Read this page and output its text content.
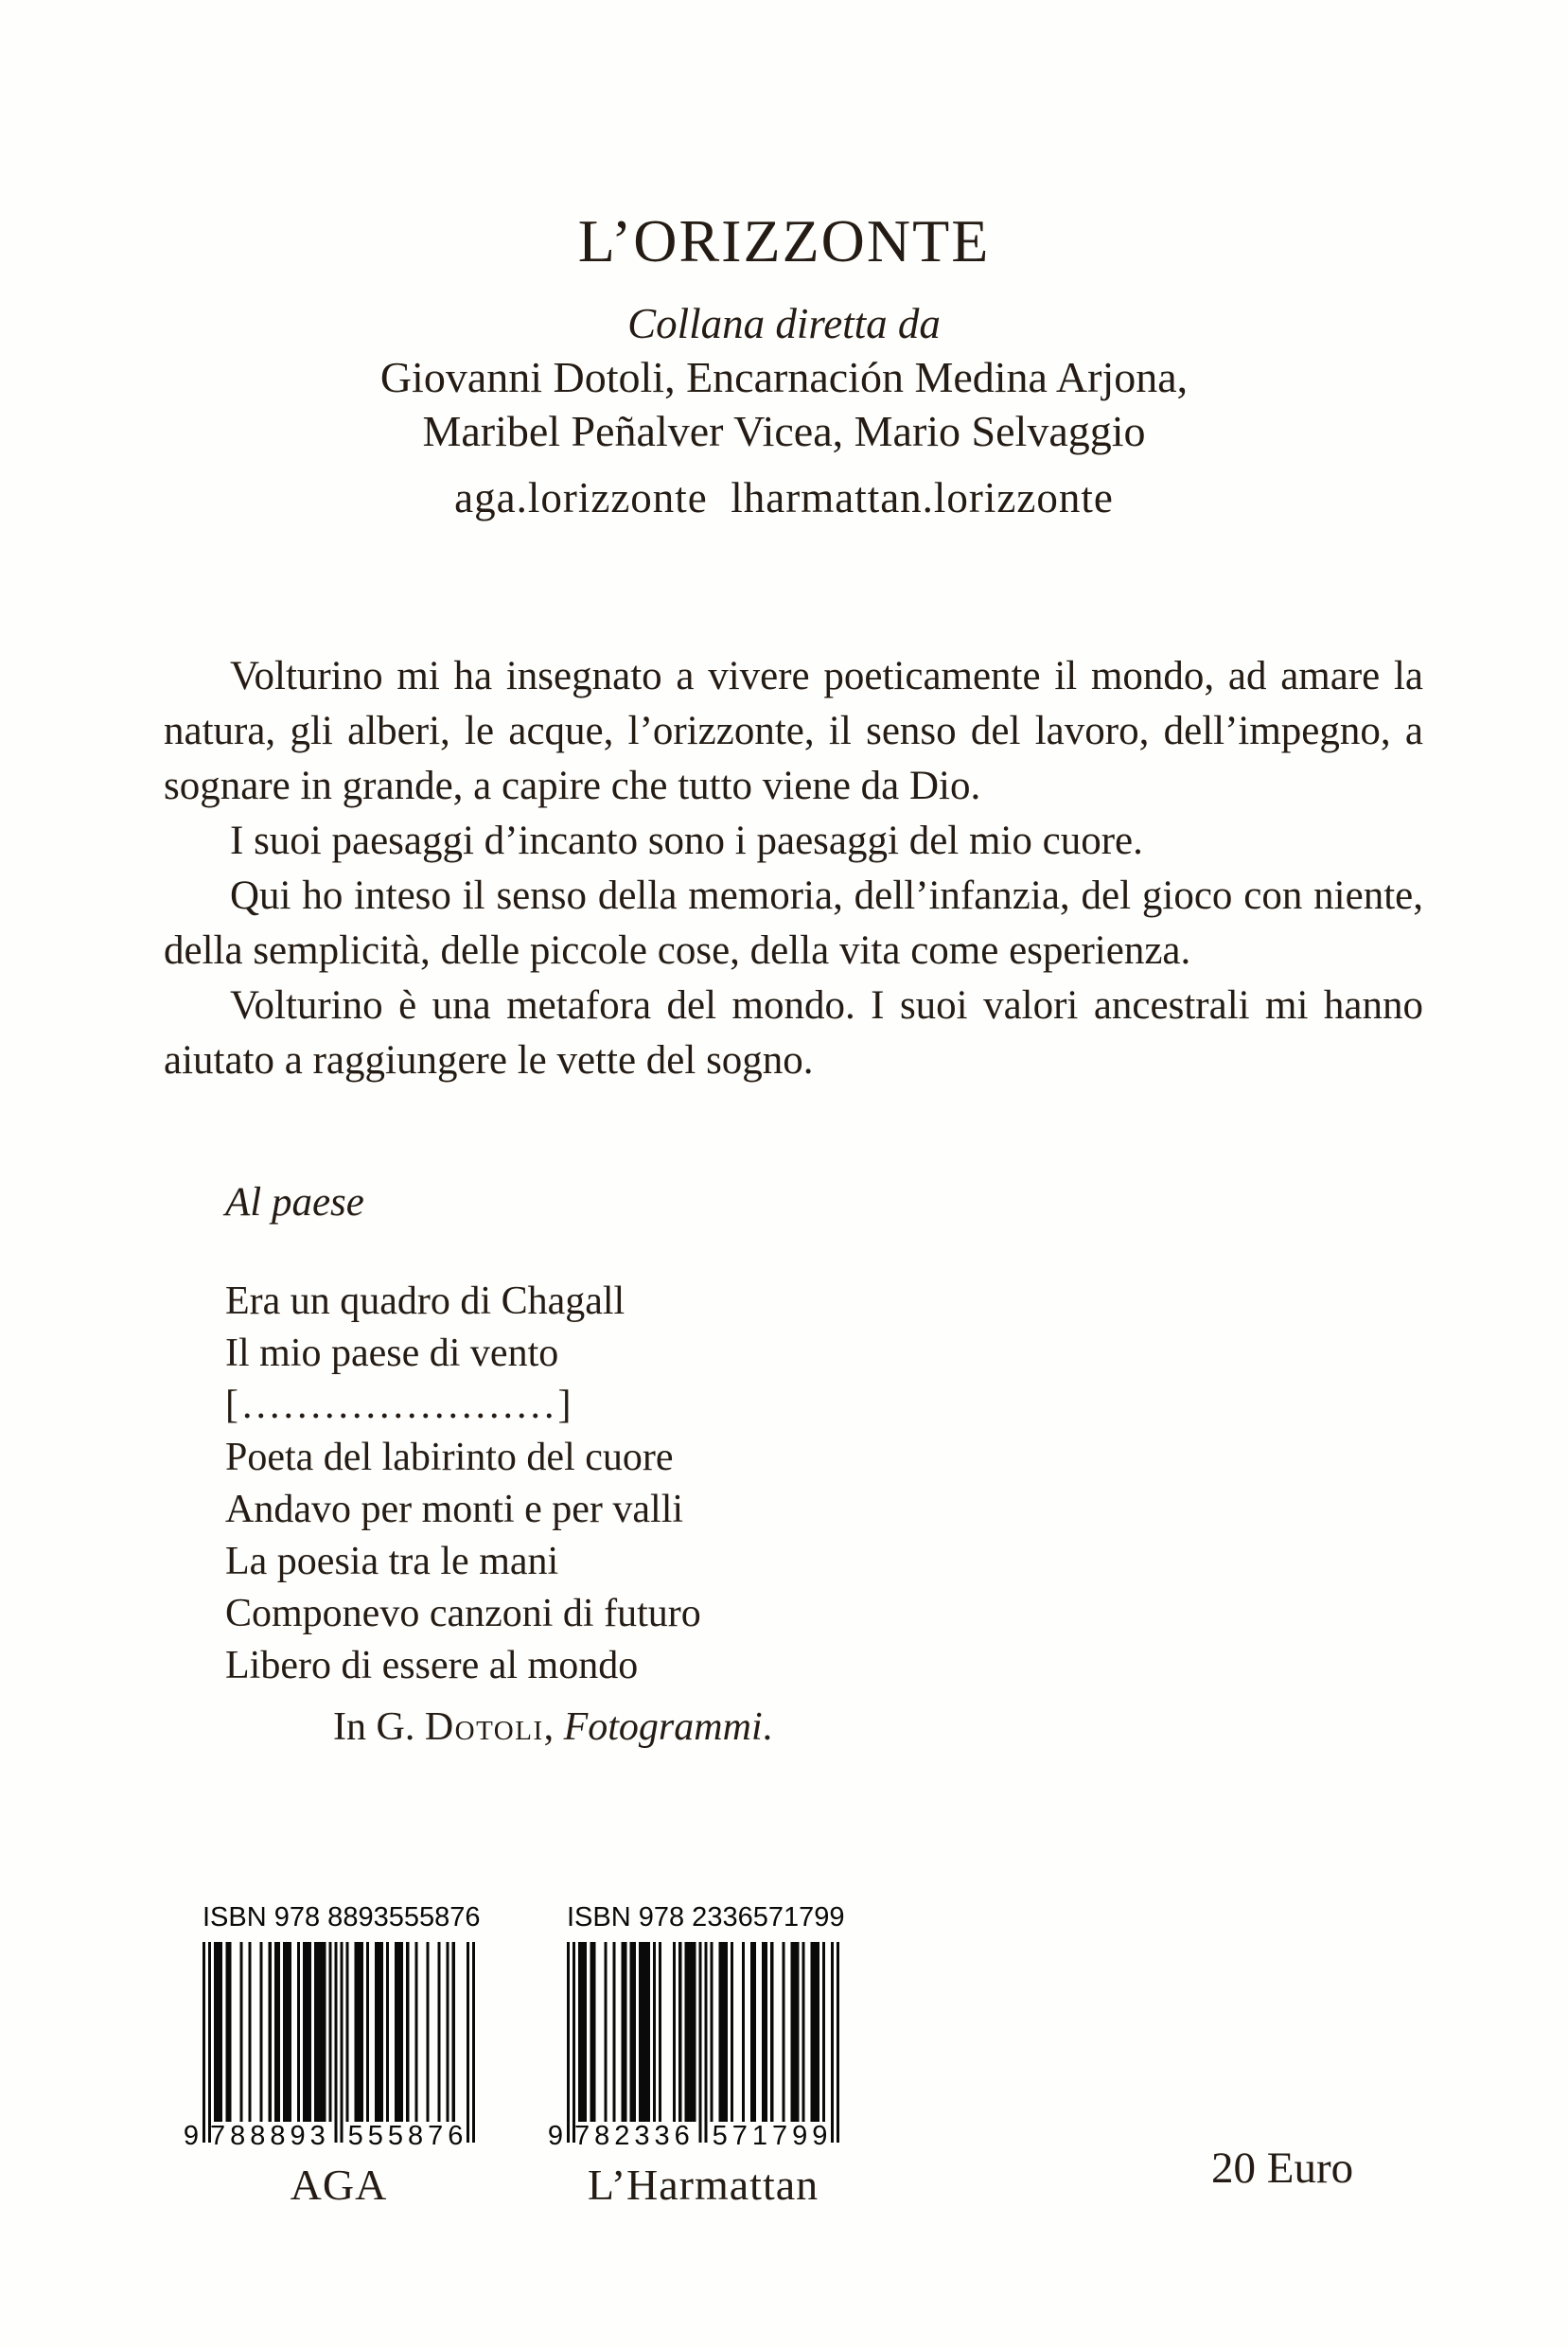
L’ORIZZONTE
Collana diretta da
Giovanni Dotoli, Encarnación Medina Arjona,
Maribel Peñalver Vicea, Mario Selvaggio
aga.lorizzonte  lharmattan.lorizzonte

Volturino mi ha insegnato a vivere poeticamente il mondo, ad amare la natura, gli alberi, le acque, l’orizzonte, il senso del lavoro, dell’impegno, a sognare in grande, a capire che tutto viene da Dio.

I suoi paesaggi d’incanto sono i paesaggi del mio cuore.

Qui ho inteso il senso della memoria, dell’infanzia, del gioco con niente, della semplicità, delle piccole cose, della vita come esperienza.

Volturino è una metafora del mondo. I suoi valori ancestrali mi hanno aiutato a raggiungere le vette del sogno.

Al paese
Era un quadro di Chagall
Il mio paese di vento
[.......................]
Poeta del labirinto del cuore
Andavo per monti e per valli
La poesia tra le mani
Componevo canzoni di futuro
Libero di essere al mondo
In G. Dotoli, Fotogrammi.
ISBN 978 8893555876
9 788893 555876
AGA
ISBN 978 2336571799
9 782336 571799
L’Harmattan	20 Euro
